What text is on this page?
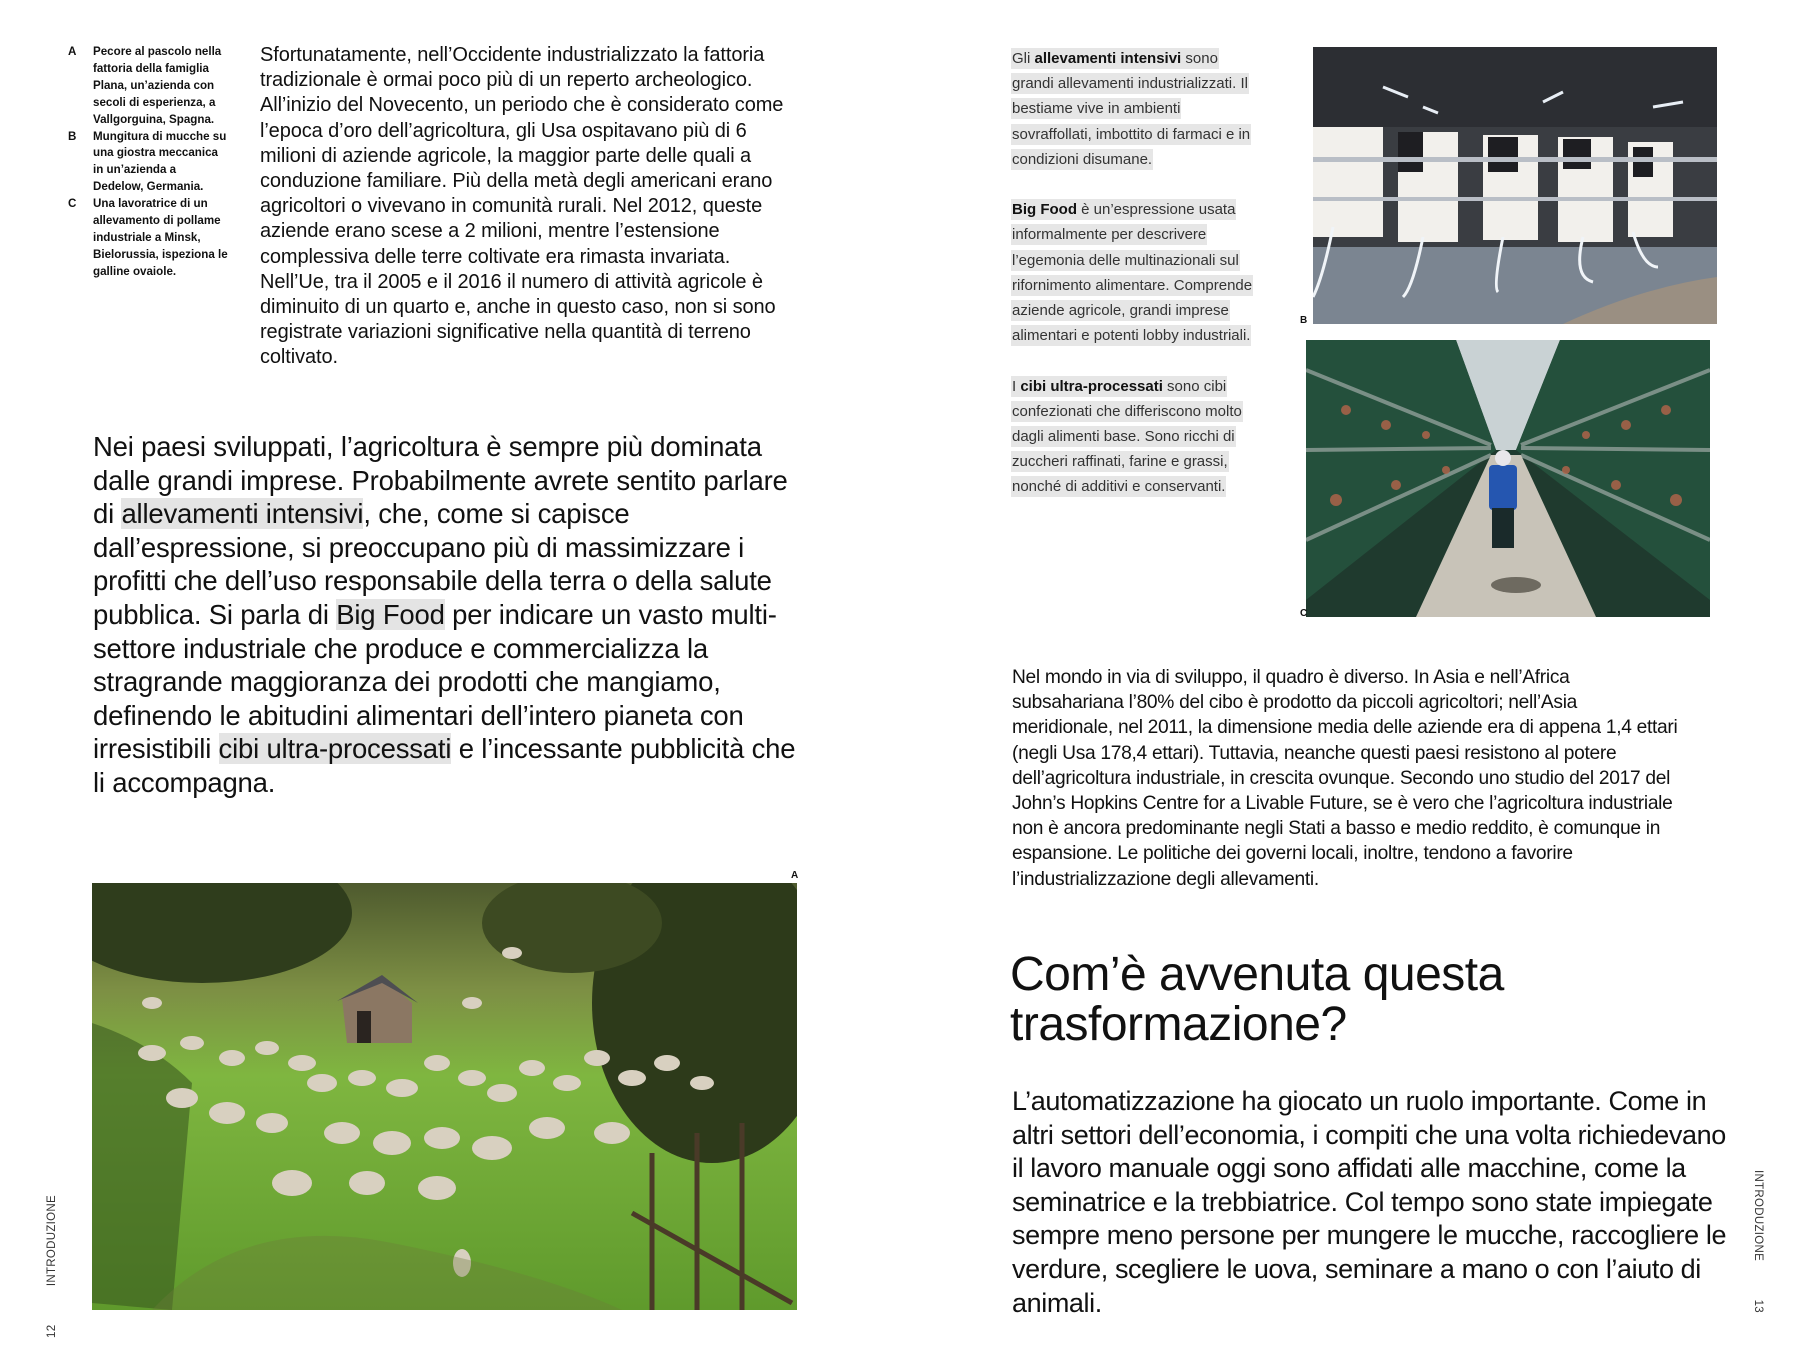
A	Pecore al pascolo nella fattoria della famiglia Plana, un’azienda con secoli di esperienza, a Vallgorguina, Spagna.
B	Mungitura di mucche su una giostra meccanica in un’azienda a Dedelow, Germania.
C	Una lavoratrice di un allevamento di pollame industriale a Minsk, Bielorussia, ispeziona le galline ovaiole.

Sfortunatamente, nell’Occidente industrializzato la fattoria tradizionale è ormai poco più di un reperto archeologico. All’inizio del Novecento, un periodo che è considerato come l’epoca d’oro dell’agricoltura, gli Usa ospitavano più di 6 milioni di aziende agricole, la maggior parte delle quali a conduzione familiare. Più della metà degli americani erano agricoltori o vivevano in comunità rurali. Nel 2012, queste aziende erano scese a 2 milioni, mentre l’estensione complessiva delle terre coltivate era rimasta invariata. Nell’Ue, tra il 2005 e il 2016 il numero di attività agricole è diminuito di un quarto e, anche in questo caso, non si sono registrate variazioni significative nella quantità di terreno coltivato.

Nei paesi sviluppati, l’agricoltura è sempre più dominata dalle grandi imprese. Probabilmente avrete sentito parlare di allevamenti intensivi, che, come si capisce dall’espressione, si preoccupano più di massimizzare i profitti che dell’uso responsabile della terra o della salute pubblica. Si parla di Big Food per indicare un vasto multi-settore industriale che produce e commercializza la stragrande maggioranza dei prodotti che mangiamo, definendo le abitudini alimentari dell’intero pianeta con irresistibili cibi ultra-processati e l’incessante pubblicità che li accompagna.

A
12           INTRODUZIONE
Gli allevamenti intensivi sono grandi allevamenti industrializzati. Il bestiame vive in ambienti sovraffollati, imbottito di farmaci e in condizioni disumane.
Big Food è un’espressione usata informalmente per descrivere l’egemonia delle multinazionali sul rifornimento alimentare. Comprende aziende agricole, grandi imprese alimentari e potenti lobby industriali.
I cibi ultra-processati sono cibi confezionati che differiscono molto dagli alimenti base. Sono ricchi di zuccheri raffinati, farine e grassi, nonché di additivi e conservanti.
B
C

Nel mondo in via di sviluppo, il quadro è diverso. In Asia e nell’Africa subsahariana l’80% del cibo è prodotto da piccoli agricoltori; nell’Asia meridionale, nel 2011, la dimensione media delle aziende era di appena 1,4 ettari (negli Usa 178,4 ettari). Tuttavia, neanche questi paesi resistono al potere dell’agricoltura industriale, in crescita ovunque. Secondo uno studio del 2017 del John’s Hopkins Centre for a Livable Future, se è vero che l’agricoltura industriale non è ancora predominante negli Stati a basso e medio reddito, è comunque in espansione. Le politiche dei governi locali, inoltre, tendono a favorire l’industrializzazione degli allevamenti.

Com’è avvenuta questa trasformazione?

L’automatizzazione ha giocato un ruolo importante. Come in altri settori dell’economia, i compiti che una volta richiedevano il lavoro manuale oggi sono affidati alle macchine, come la seminatrice e la trebbiatrice. Col tempo sono state impiegate sempre meno persone per mungere le mucche, raccogliere le verdure, scegliere le uova, seminare a mano o con l’aiuto di animali.

INTRODUZIONE           13
